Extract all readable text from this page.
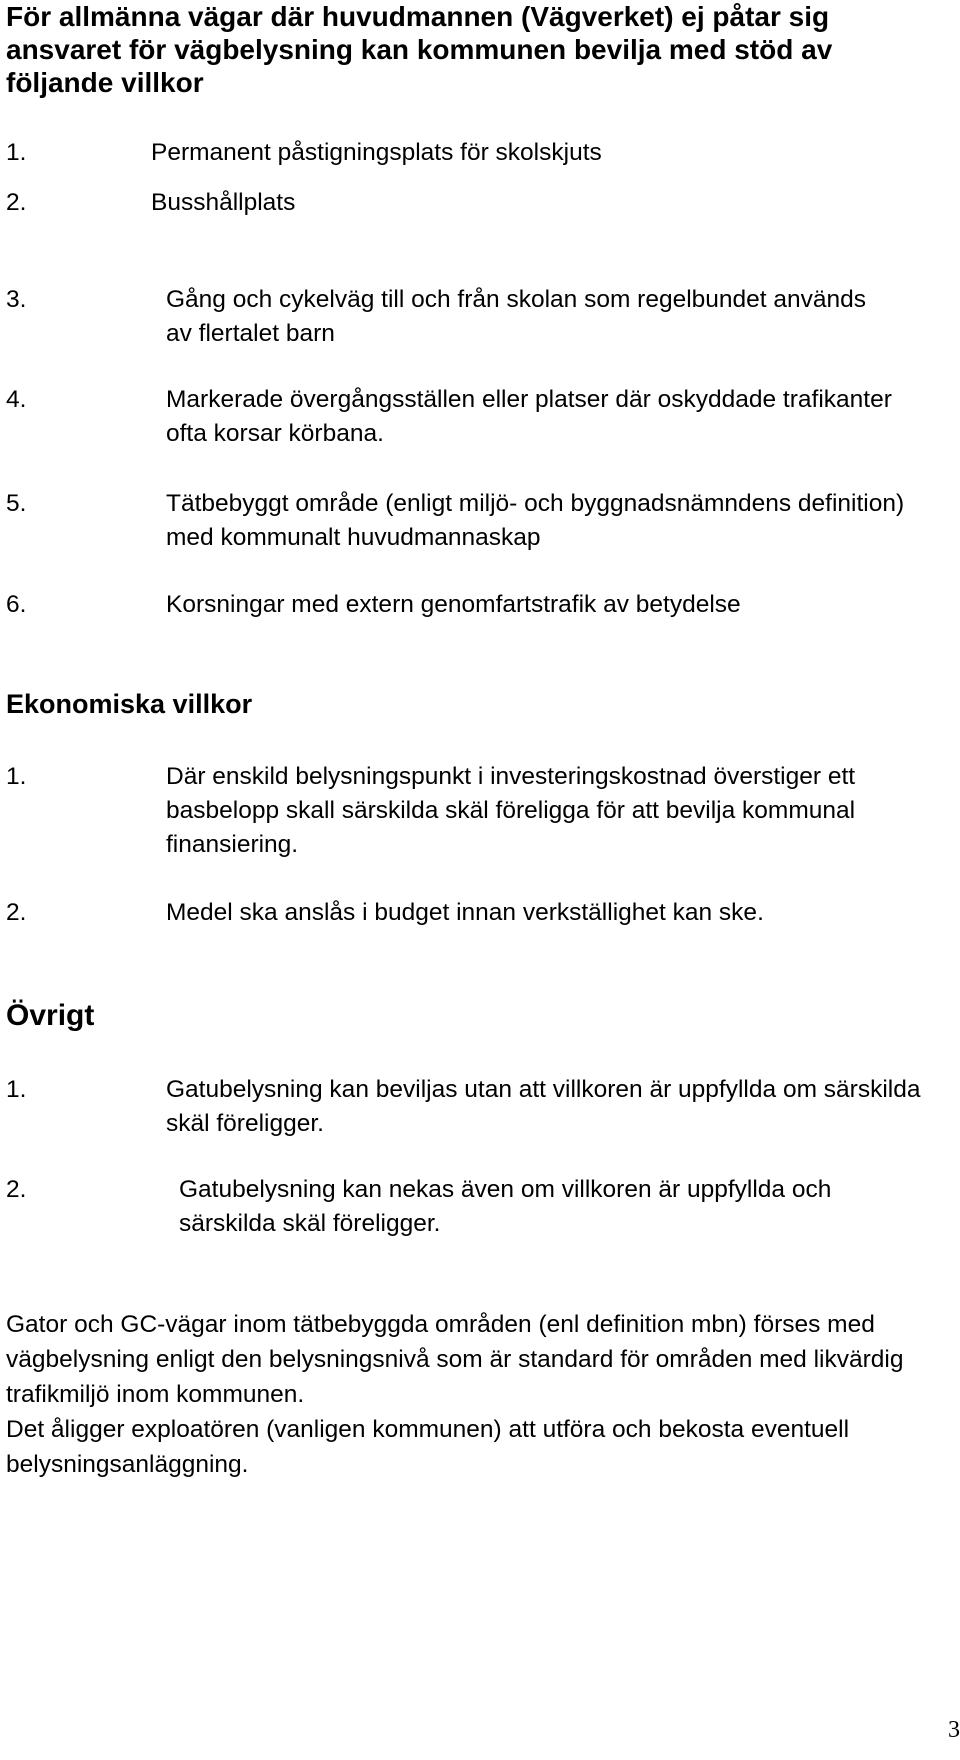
För allmänna vägar där huvudmannen (Vägverket) ej påtar sig ansvaret för vägbelysning kan kommunen bevilja med stöd av följande villkor
1.	Permanent påstigningsplats för skolskjuts
2.	Busshållplats
3.	Gång och cykelväg till och från skolan som regelbundet används av flertalet barn
4.	Markerade övergångsställen eller platser där oskyddade trafikanter ofta korsar körbana.
5.	Tätbebyggt område (enligt miljö- och byggnadsnämndens definition) med kommunalt huvudmannaskap
6.	Korsningar med extern genomfartstrafik av betydelse
Ekonomiska villkor
1.	Där enskild belysningspunkt i investeringskostnad överstiger ett basbelopp skall särskilda skäl föreligga för att bevilja kommunal finansiering.
2.	Medel ska anslås i budget innan verkställighet kan ske.
Övrigt
1.	Gatubelysning kan beviljas utan att villkoren är uppfyllda om särskilda skäl föreligger.
2.	Gatubelysning kan nekas även om villkoren är uppfyllda och särskilda skäl föreligger.

Gator och GC-vägar inom tätbebyggda områden (enl definition mbn) förses med vägbelysning enligt den belysningsnivå som är standard för områden med likvärdig trafikmiljö inom kommunen.

Det åligger exploatören (vanligen kommunen) att utföra och bekosta eventuell belysningsanläggning.

3
